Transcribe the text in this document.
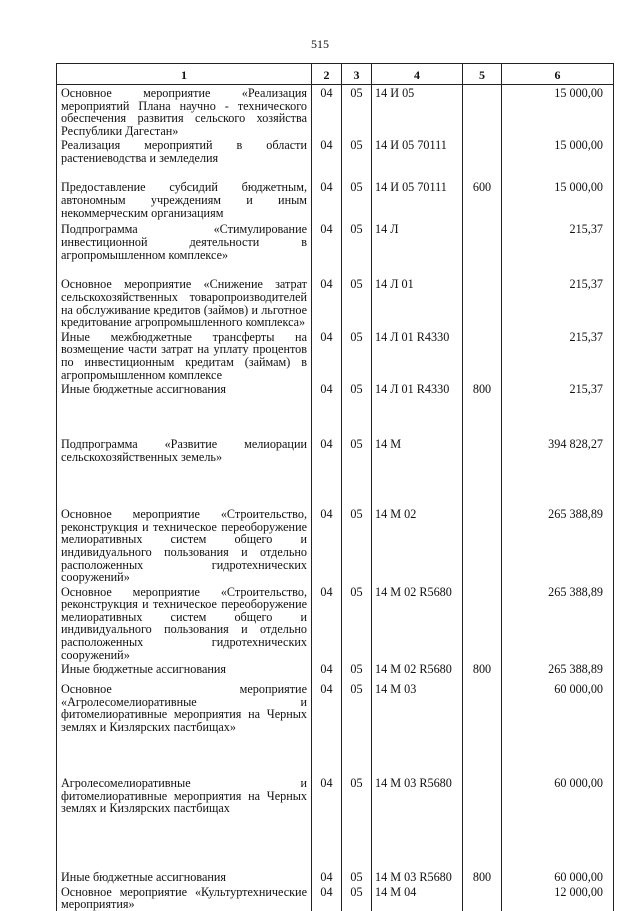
515
1	2	3	4	5	6
Основное мероприятие «Реализация мероприятий Плана научно - технического обеспечения развития сельского хозяйства Республики Дагестан»	04	05	14 И 05		15 000,00
Реализация мероприятий в области растениеводства и земледелия	04	05	14 И 05 70111		15 000,00
Предоставление субсидий бюджетным, автономным учреждениям и иным некоммерческим организациям	04	05	14 И 05 70111	600	15 000,00
Подпрограмма «Стимулирование инвестиционной деятельности в агропромышленном комплексе»	04	05	14 Л		215,37
Основное мероприятие «Снижение затрат сельскохозяйственных товаропроизводителей на обслуживание кредитов (займов) и льготное кредитование агропромышленного комплекса»	04	05	14 Л 01		215,37
Иные межбюджетные трансферты на возмещение части затрат на уплату процентов по инвестиционным кредитам (займам) в агропромышленном комплексе	04	05	14 Л 01 R4330		215,37
Иные бюджетные ассигнования	04	05	14 Л 01 R4330	800	215,37
Подпрограмма «Развитие мелиорации сельскохозяйственных земель»	04	05	14 М		394 828,27
Основное мероприятие «Строительство, реконструкция и техническое переоборужение мелиоративных систем общего и индивидуального пользования и отдельно расположенных гидротехнических сооружений»	04	05	14 М 02		265 388,89
Основное мероприятие «Строительство, реконструкция и техническое переоборужение мелиоративных систем общего и индивидуального пользования и отдельно расположенных гидротехнических сооружений»	04	05	14 М 02 R5680		265 388,89
Иные бюджетные ассигнования	04	05	14 М 02 R5680	800	265 388,89
Основное мероприятие «Агролесомелиоративные и фитомелиоративные мероприятия на Черных землях и Кизлярских пастбищах»	04	05	14 М 03		60 000,00
Агролесомелиоративные и фитомелиоративные мероприятия на Черных землях и Кизлярских пастбищах	04	05	14 М 03 R5680		60 000,00
Иные бюджетные ассигнования	04	05	14 М 03 R5680	800	60 000,00
Основное мероприятие «Культуртехнические мероприятия»	04	05	14 М 04		12 000,00
